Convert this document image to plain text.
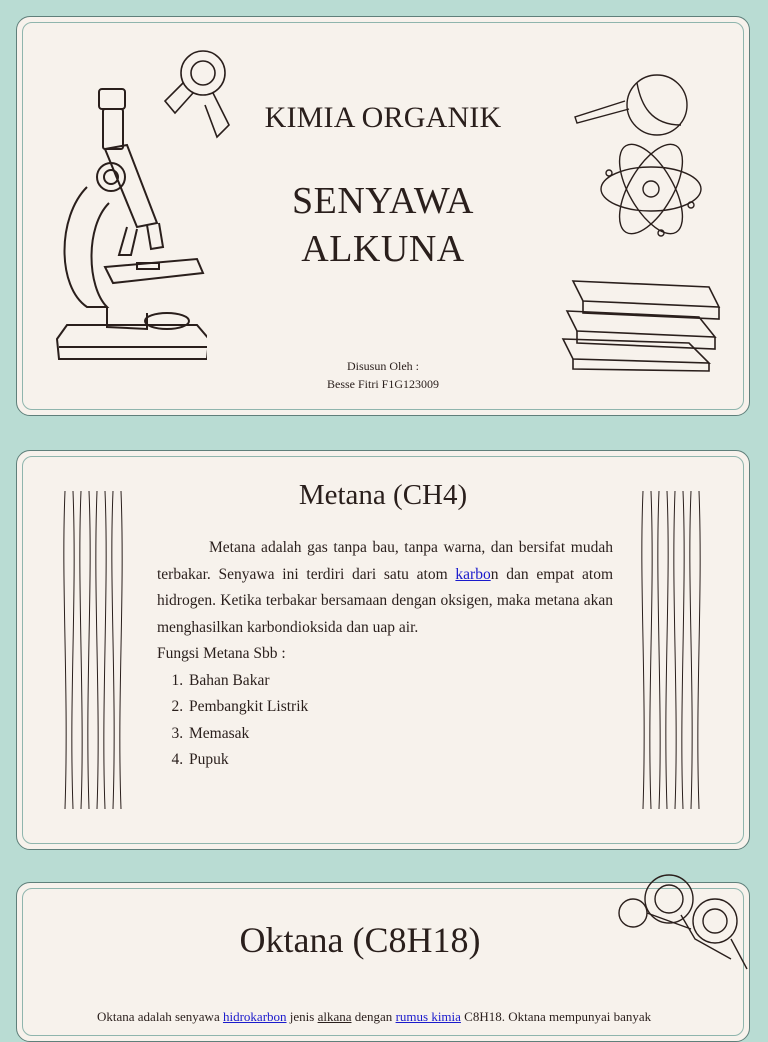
KIMIA ORGANIK
SENYAWA
ALKUNA
Disusun Oleh :
Besse Fitri F1G123009
Metana (CH4)

Metana adalah gas tanpa bau, tanpa warna, dan bersifat mudah terbakar. Senyawa ini terdiri dari satu atom karbon dan empat atom hidrogen. Ketika terbakar bersamaan dengan oksigen, maka metana akan menghasilkan karbondioksida dan uap air.

Fungsi Metana Sbb :

1. Bahan Bakar
2. Pembangkit Listrik
3. Memasak
4. Pupuk
Oktana (C8H18)
Oktana adalah senyawa hidrokarbon jenis alkana dengan rumus kimia C8H18. Oktana mempunyai banyak
